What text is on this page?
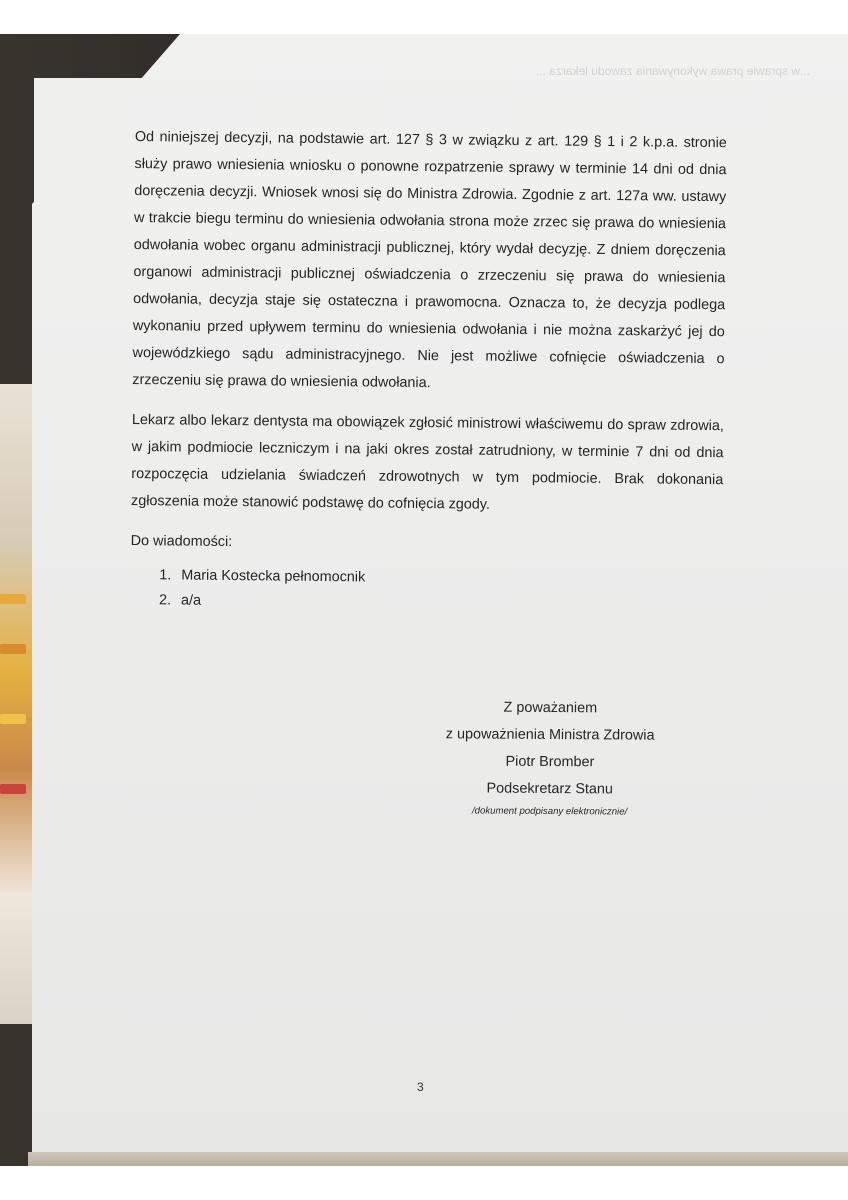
...w sprawie prawa wykonywania zawodu lekarza ...

Od niniejszej decyzji, na podstawie art. 127 § 3 w związku z art. 129 § 1 i 2 k.p.a. stronie służy prawo wniesienia wniosku o ponowne rozpatrzenie sprawy w terminie 14 dni od dnia doręczenia decyzji. Wniosek wnosi się do Ministra Zdrowia. Zgodnie z art. 127a ww. ustawy w trakcie biegu terminu do wniesienia odwołania strona może zrzec się prawa do wniesienia odwołania wobec organu administracji publicznej, który wydał decyzję. Z dniem doręczenia organowi administracji publicznej oświadczenia o zrzeczeniu się prawa do wniesienia odwołania, decyzja staje się ostateczna i prawomocna. Oznacza to, że decyzja podlega wykonaniu przed upływem terminu do wniesienia odwołania i nie można zaskarżyć jej do wojewódzkiego sądu administracyjnego. Nie jest możliwe cofnięcie oświadczenia o zrzeczeniu się prawa do wniesienia odwołania.

Lekarz albo lekarz dentysta ma obowiązek zgłosić ministrowi właściwemu do spraw zdrowia, w jakim podmiocie leczniczym i na jaki okres został zatrudniony, w terminie 7 dni od dnia rozpoczęcia udzielania świadczeń zdrowotnych w tym podmiocie. Brak dokonania zgłoszenia może stanowić podstawę do cofnięcia zgody.

Do wiadomości:
1. Maria Kostecka pełnomocnik
2. a/a
Z poważaniem
z upoważnienia Ministra Zdrowia
Piotr Bromber
Podsekretarz Stanu
/dokument podpisany elektronicznie/
3
